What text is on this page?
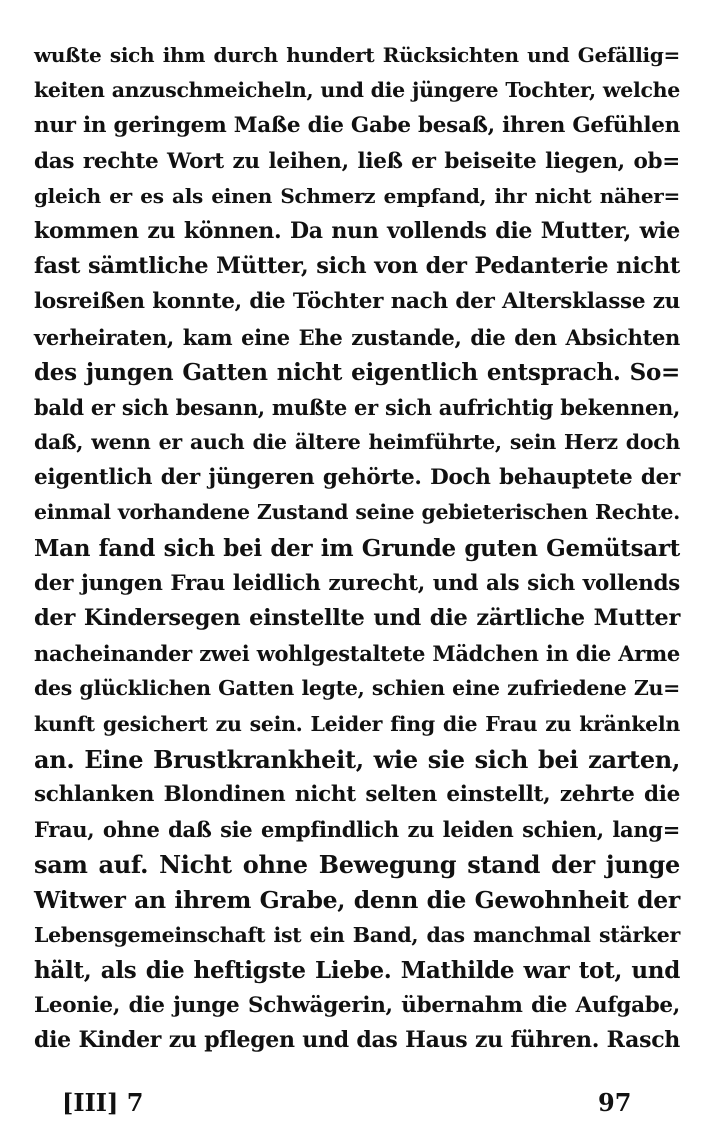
wußte sich ihm durch hundert Rücksichten und Gefällig=
keiten anzuschmeicheln, und die jüngere Tochter, welche
nur in geringem Maße die Gabe besaß, ihren Gefühlen
das rechte Wort zu leihen, ließ er beiseite liegen, ob=
gleich er es als einen Schmerz empfand, ihr nicht näher=
kommen zu können. Da nun vollends die Mutter, wie
fast sämtliche Mütter, sich von der Pedanterie nicht
losreißen konnte, die Töchter nach der Altersklasse zu
verheiraten, kam eine Ehe zustande, die den Absichten
des jungen Gatten nicht eigentlich entsprach. So=
bald er sich besann, mußte er sich aufrichtig bekennen,
daß, wenn er auch die ältere heimführte, sein Herz doch
eigentlich der jüngeren gehörte. Doch behauptete der
einmal vorhandene Zustand seine gebieterischen Rechte.
Man fand sich bei der im Grunde guten Gemütsart
der jungen Frau leidlich zurecht, und als sich vollends
der Kindersegen einstellte und die zärtliche Mutter
nacheinander zwei wohlgestaltete Mädchen in die Arme
des glücklichen Gatten legte, schien eine zufriedene Zu=
kunft gesichert zu sein. Leider fing die Frau zu kränkeln
an. Eine Brustkrankheit, wie sie sich bei zarten,
schlanken Blondinen nicht selten einstellt, zehrte die
Frau, ohne daß sie empfindlich zu leiden schien, lang=
sam auf. Nicht ohne Bewegung stand der junge
Witwer an ihrem Grabe, denn die Gewohnheit der
Lebensgemeinschaft ist ein Band, das manchmal stärker
hält, als die heftigste Liebe. Mathilde war tot, und
Leonie, die junge Schwägerin, übernahm die Aufgabe,
die Kinder zu pflegen und das Haus zu führen. Rasch
[III] 7	97
